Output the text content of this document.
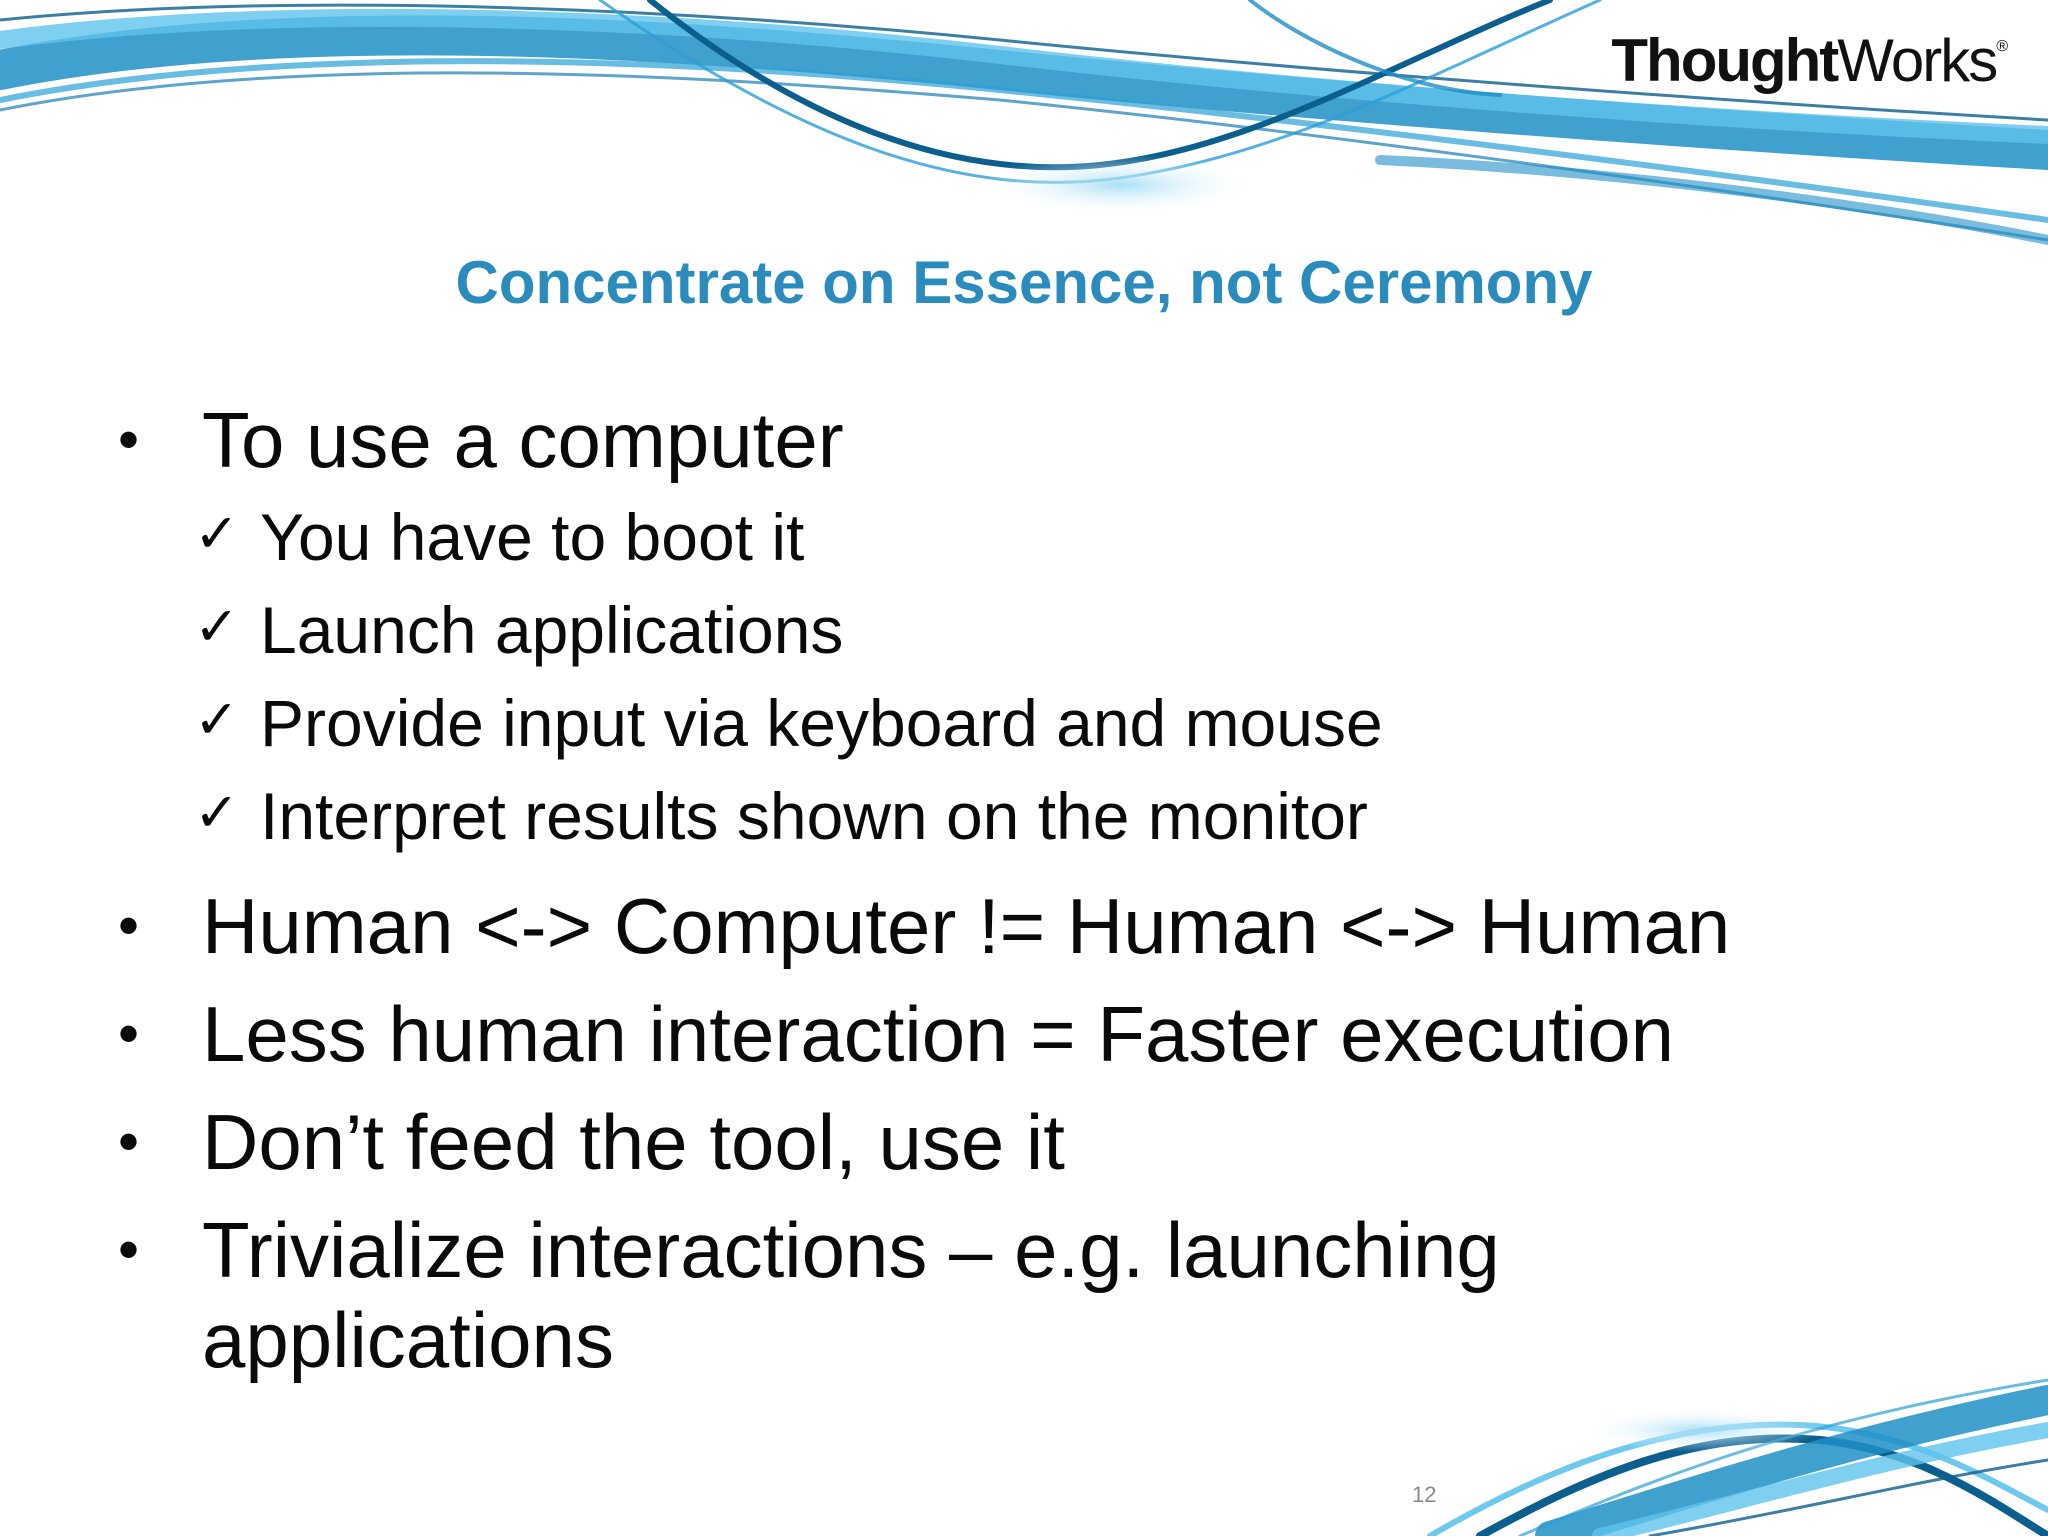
ThoughtWorks®
Concentrate on Essence, not Ceremony
• To use a computer
✓ You have to boot it
✓ Launch applications
✓ Provide input via keyboard and mouse
✓ Interpret results shown on the monitor
• Human <-> Computer != Human <-> Human
• Less human interaction = Faster execution
• Don’t feed the tool, use it
• Trivialize interactions – e.g. launching applications
12
